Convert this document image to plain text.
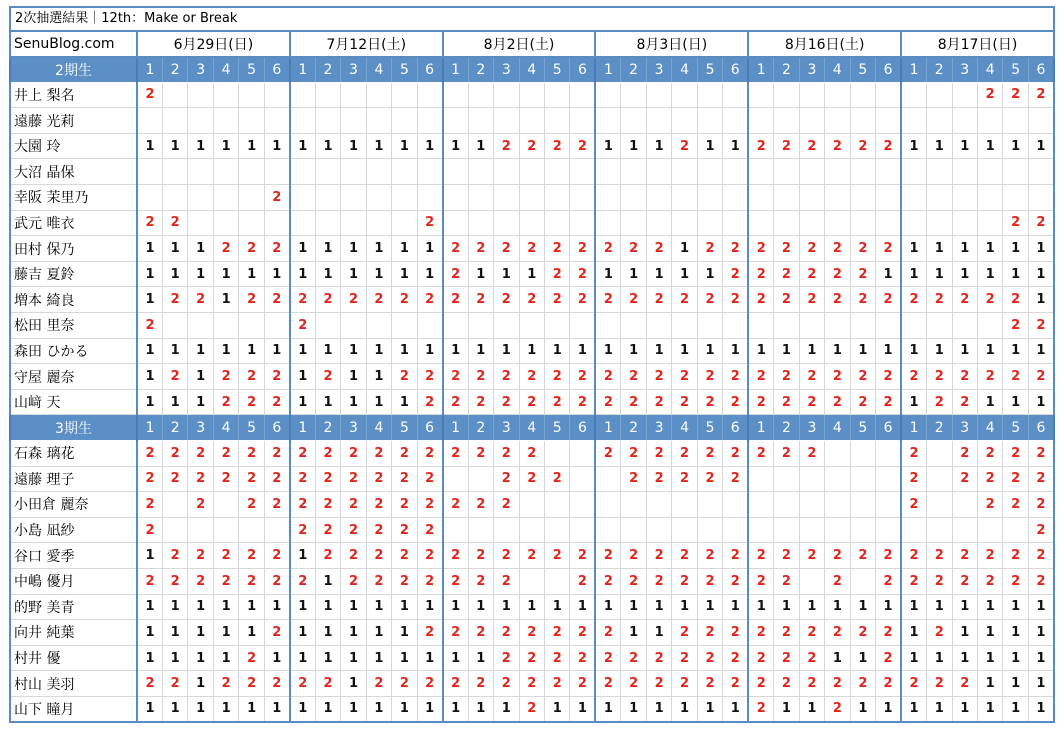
2次抽選結果｜12th：Make or Break
SenuBlog.com	6月29日(日)						7月12日(土)						8月2日(土)						8月3日(日)						8月16日(土)						8月17日(日)					
2期生	1	2	3	4	5	6	1	2	3	4	5	6	1	2	3	4	5	6	1	2	3	4	5	6	1	2	3	4	5	6	1	2	3	4	5	6
井上 梨名	2																																	2	2	2
遠藤 光莉																																				
大園 玲	1	1	1	1	1	1	1	1	1	1	1	1	1	1	2	2	2	2	1	1	1	2	1	1	2	2	2	2	2	2	1	1	1	1	1	1
大沼 晶保																																				
幸阪 茉里乃						2																														
武元 唯衣	2	2										2																							2	2
田村 保乃	1	1	1	2	2	2	1	1	1	1	1	1	2	2	2	2	2	2	2	2	2	1	2	2	2	2	2	2	2	2	1	1	1	1	1	1
藤吉 夏鈴	1	1	1	1	1	1	1	1	1	1	1	1	2	1	1	1	2	2	1	1	1	1	1	2	2	2	2	2	2	1	1	1	1	1	1	1
増本 綺良	1	2	2	1	2	2	2	2	2	2	2	2	2	2	2	2	2	2	2	2	2	2	2	2	2	2	2	2	2	2	2	2	2	2	2	1
松田 里奈	2						2																												2	2
森田 ひかる	1	1	1	1	1	1	1	1	1	1	1	1	1	1	1	1	1	1	1	1	1	1	1	1	1	1	1	1	1	1	1	1	1	1	1	1
守屋 麗奈	1	2	1	2	2	2	1	2	1	1	2	2	2	2	2	2	2	2	2	2	2	2	2	2	2	2	2	2	2	2	2	2	2	2	2	2
山﨑 天	1	1	1	2	2	2	1	1	1	1	1	2	2	2	2	2	2	2	2	2	2	2	2	2	2	2	2	2	2	2	1	2	2	1	1	1
3期生	1	2	3	4	5	6	1	2	3	4	5	6	1	2	3	4	5	6	1	2	3	4	5	6	1	2	3	4	5	6	1	2	3	4	5	6
石森 璃花	2	2	2	2	2	2	2	2	2	2	2	2	2	2	2	2			2	2	2	2	2	2	2	2	2				2		2	2	2	2
遠藤 理子	2	2	2	2	2	2	2	2	2	2	2	2			2	2	2			2	2	2	2	2							2		2	2	2	2
小田倉 麗奈	2		2		2	2	2	2	2	2	2	2	2	2	2																2			2	2	2
小島 凪紗	2						2	2	2	2	2	2																								2
谷口 愛季	1	2	2	2	2	2	1	2	2	2	2	2	2	2	2	2	2	2	2	2	2	2	2	2	2	2	2	2	2	2	2	2	2	2	2	2
中嶋 優月	2	2	2	2	2	2	2	1	2	2	2	2	2	2	2			2	2	2	2	2	2	2	2	2		2		2	2	2	2	2	2	2
的野 美青	1	1	1	1	1	1	1	1	1	1	1	1	1	1	1	1	1	1	1	1	1	1	1	1	1	1	1	1	1	1	1	1	1	1	1	1
向井 純葉	1	1	1	1	1	2	1	1	1	1	1	2	2	2	2	2	2	2	2	1	1	2	2	2	2	2	2	2	2	2	1	2	1	1	1	1
村井 優	1	1	1	1	2	1	1	1	1	1	1	1	1	1	2	2	2	2	2	2	2	2	2	2	2	2	2	1	1	2	1	1	1	1	1	1
村山 美羽	2	2	1	2	2	2	2	2	1	2	2	2	2	2	2	2	2	2	2	2	2	2	2	2	2	2	2	2	2	2	2	2	2	1	1	1
山下 瞳月	1	1	1	1	1	1	1	1	1	1	1	1	1	1	1	2	1	1	1	1	1	1	1	1	2	1	1	2	1	1	1	1	1	1	1	1
